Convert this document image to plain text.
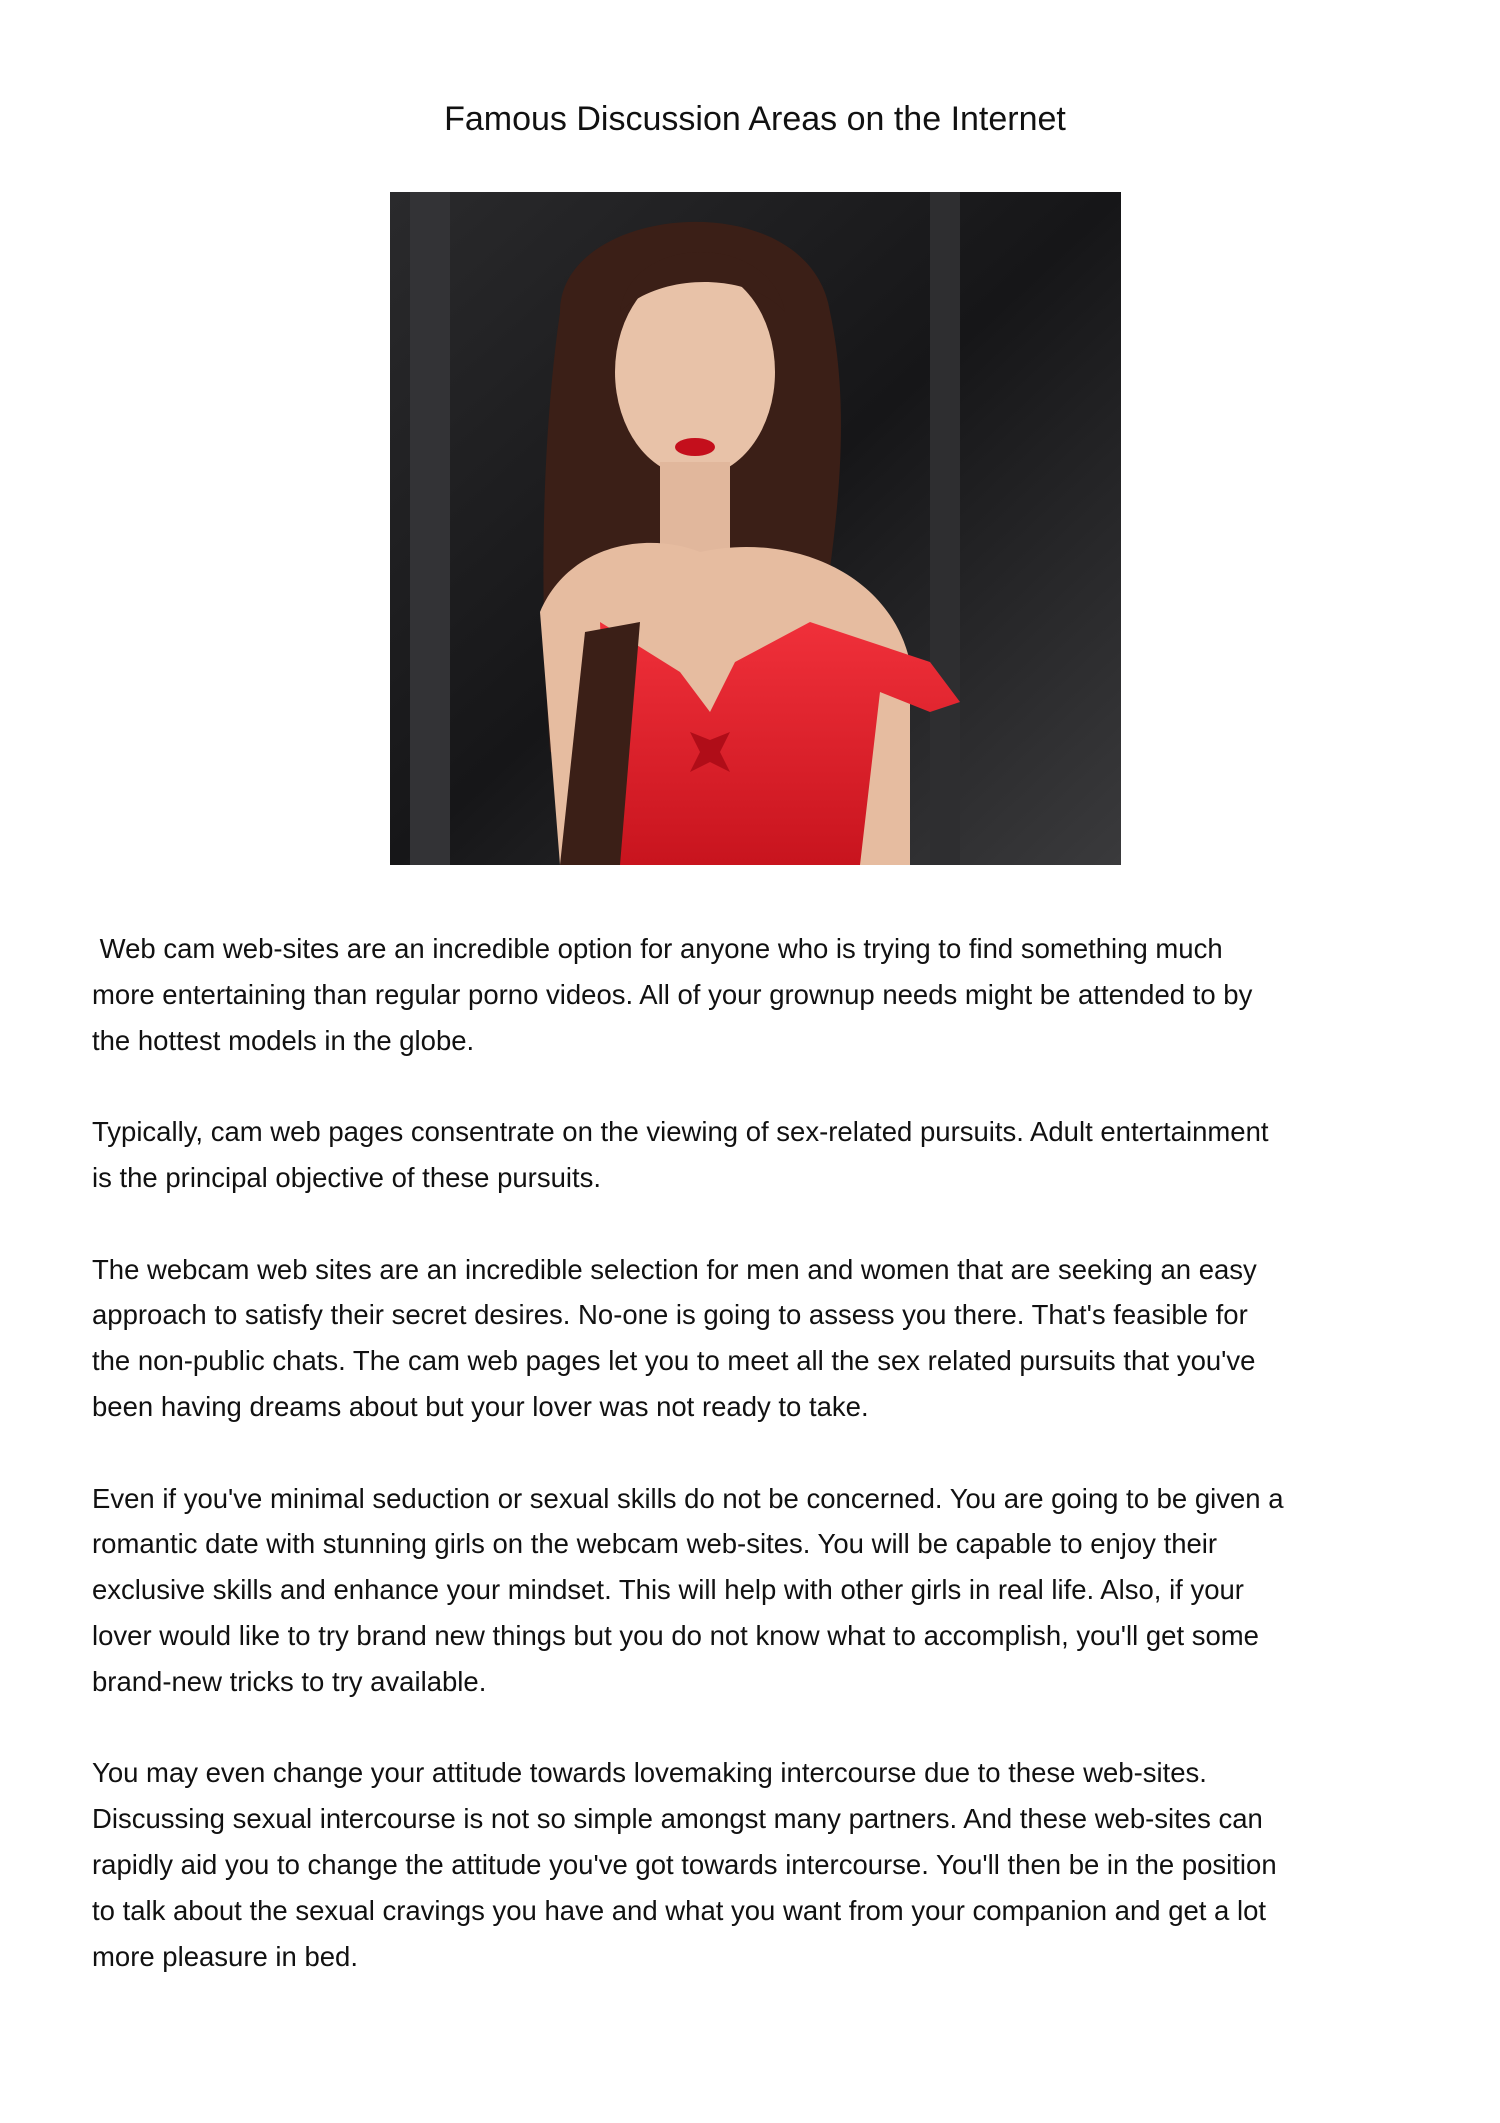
Famous Discussion Areas on the Internet

Web cam web-sites are an incredible option for anyone who is trying to find something much
more entertaining than regular porno videos. All of your grownup needs might be attended to by
the hottest models in the globe.

Typically, cam web pages consentrate on the viewing of sex-related pursuits. Adult entertainment
is the principal objective of these pursuits.

The webcam web sites are an incredible selection for men and women that are seeking an easy
approach to satisfy their secret desires. No-one is going to assess you there. That's feasible for
the non-public chats. The cam web pages let you to meet all the sex related pursuits that you've
been having dreams about but your lover was not ready to take.

Even if you've minimal seduction or sexual skills do not be concerned. You are going to be given a
romantic date with stunning girls on the webcam web-sites. You will be capable to enjoy their
exclusive skills and enhance your mindset. This will help with other girls in real life. Also, if your
lover would like to try brand new things but you do not know what to accomplish, you'll get some
brand-new tricks to try available.

You may even change your attitude towards lovemaking intercourse due to these web-sites.
Discussing sexual intercourse is not so simple amongst many partners. And these web-sites can
rapidly aid you to change the attitude you've got towards intercourse. You'll then be in the position
to talk about the sexual cravings you have and what you want from your companion and get a lot
more pleasure in bed.
